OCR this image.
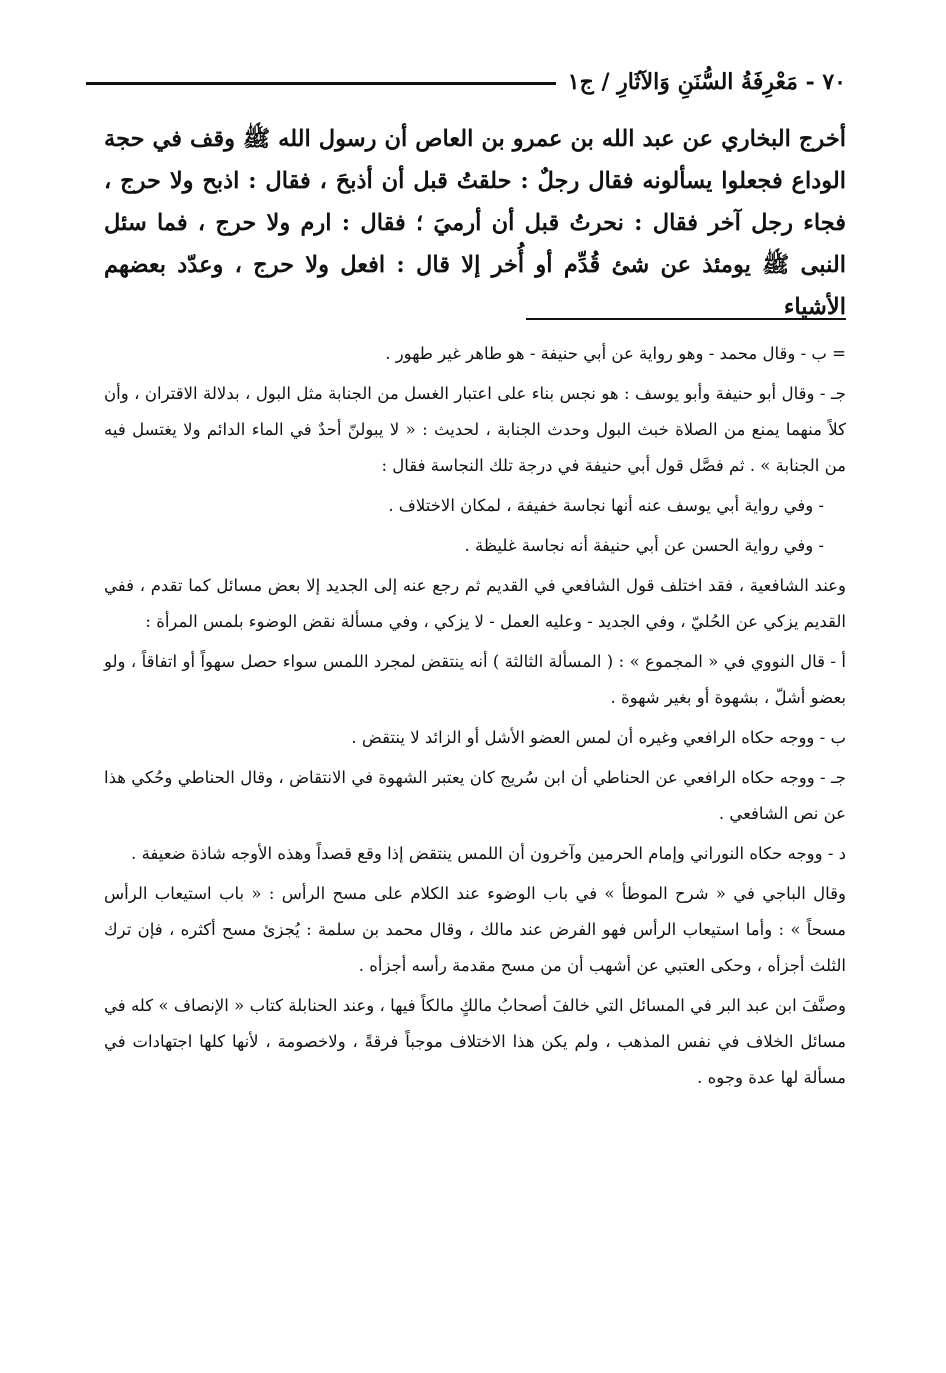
٧٠ - مَعْرِفَةُ السُّنَنِ وَالآثَارِ / ج١

أخرج البخاري عن عبد الله بن عمرو بن العاص أن رسول الله ﷺ وقف في حجة الوداع فجعلوا يسألونه فقال رجلٌ : حلقتُ قبل أن أذبحَ ، فقال : اذبح ولا حرج ، فجاء رجل آخر فقال : نحرتُ قبل أن أرميَ ؛ فقال : ارم ولا حرج ، فما سئل النبى ﷺ يومئذ عن شئ قُدِّم أو أُخر إلا قال : افعل ولا حرج ، وعدّد بعضهم الأشياء

= ب - وقال محمد - وهو رواية عن أبي حنيفة - هو طاهر غير طهور .

جـ - وقال أبو حنيفة وأبو يوسف : هو نجس بناء على اعتبار الغسل من الجنابة مثل البول ، بدلالة الاقتران ، وأن كلاً منهما يمنع من الصلاة خبث البول وحدث الجنابة ، لحديث : « لا يبولنّ أحدٌ في الماء الدائم ولا يغتسل فيه من الجنابة » . ثم فصَّل قول أبي حنيفة في درجة تلك النجاسة فقال :

- وفي رواية أبي يوسف عنه أنها نجاسة خفيفة ، لمكان الاختلاف .

- وفي رواية الحسن عن أبي حنيفة أنه نجاسة غليظة .

وعند الشافعية ، فقد اختلف قول الشافعي في القديم ثم رجع عنه إلى الجديد إلا بعض مسائل كما تقدم ، ففي القديم يزكي عن الحُليّ ، وفي الجديد - وعليه العمل - لا يزكي ، وفي مسألة نقض الوضوء بلمس المرأة :

أ - قال النووي في « المجموع » : ( المسألة الثالثة ) أنه ينتقض لمجرد اللمس سواء حصل سهواً أو اتفاقاً ، ولو بعضو أشلّ ، بشهوة أو بغير شهوة .

ب - ووجه حكاه الرافعي وغيره أن لمس العضو الأشل أو الزائد لا ينتقض .

جـ - ووجه حكاه الرافعي عن الحناطي أن ابن سُريج كان يعتبر الشهوة في الانتقاض ، وقال الحناطي وحُكي هذا عن نص الشافعي .

د - ووجه حكاه النوراني وإمام الحرمين وآخرون أن اللمس ينتقض إذا وقع قصداً وهذه الأوجه شاذة ضعيفة .

وقال الباجي في « شرح الموطأ » في باب الوضوء عند الكلام على مسح الرأس : « باب استيعاب الرأس مسحاً » : وأما استيعاب الرأس فهو الفرض عند مالك ، وقال محمد بن سلمة : يُجزئ مسح أكثره ، فإن ترك الثلث أجزأه ، وحكى العتبي عن أشهب أن من مسح مقدمة رأسه أجزأه .

وصنَّفَ ابن عبد البر في المسائل التي خالفَ أصحابُ مالكٍ مالكاً فيها ، وعند الحنابلة كتاب « الإنصاف » كله في مسائل الخلاف في نفس المذهب ، ولم يكن هذا الاختلاف موجباً فرقةً ، ولاخصومة ، لأنها كلها اجتهادات في مسألة لها عدة وجوه .
